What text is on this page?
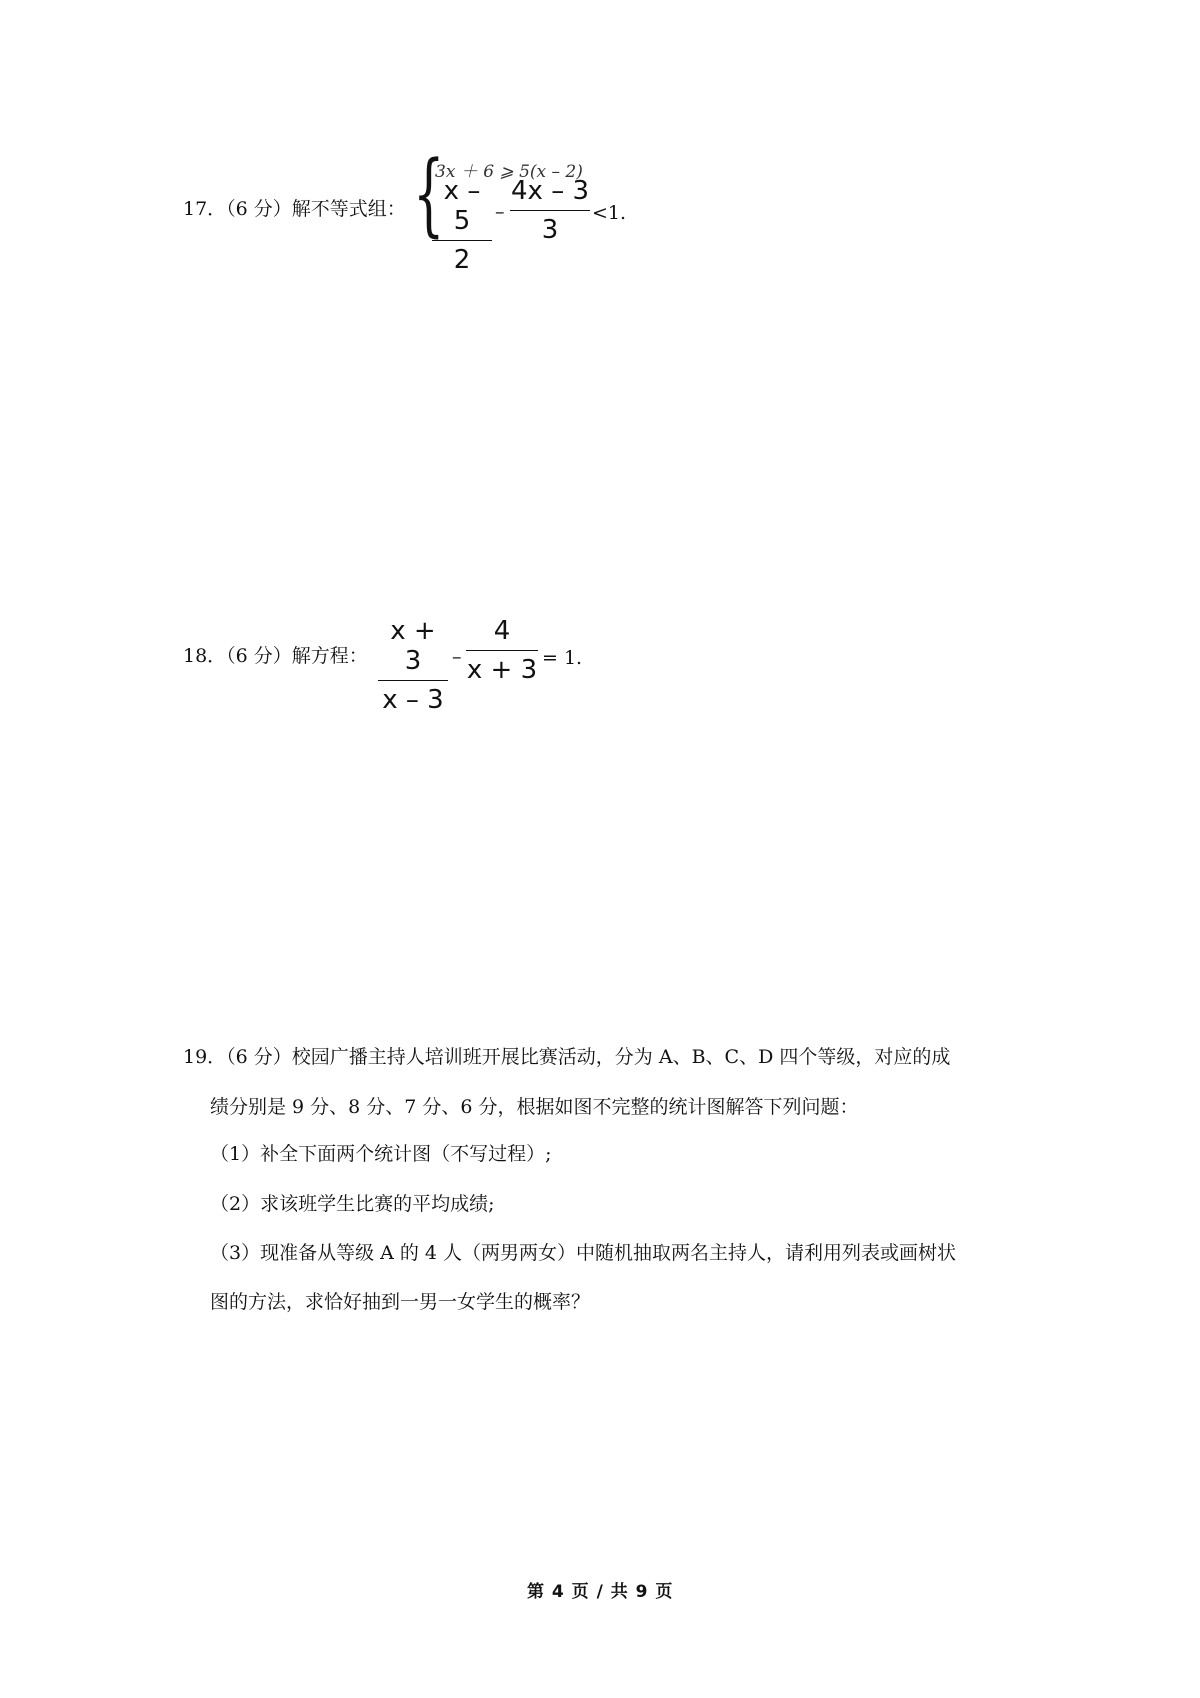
17．（6 分）解不等式组： {
3x ＋ 6 ⩾ 5(x – 2)
x – 5
2
–
4x – 3
3
<1.
18．（6 分）解方程：
x + 3
x – 3
–
4
x + 3 = 1.
19．（6 分）校园广播主持人培训班开展比赛活动，分为 A、B、C、D 四个等级，对应的成
绩分别是 9 分、8 分、7 分、6 分，根据如图不完整的统计图解答下列问题：
（1）补全下面两个统计图（不写过程）;
（2）求该班学生比赛的平均成绩;
（3）现准备从等级 A 的 4 人（两男两女）中随机抽取两名主持人，请利用列表或画树状
图的方法，求恰好抽到一男一女学生的概率？
第 4 页 / 共 9 页
